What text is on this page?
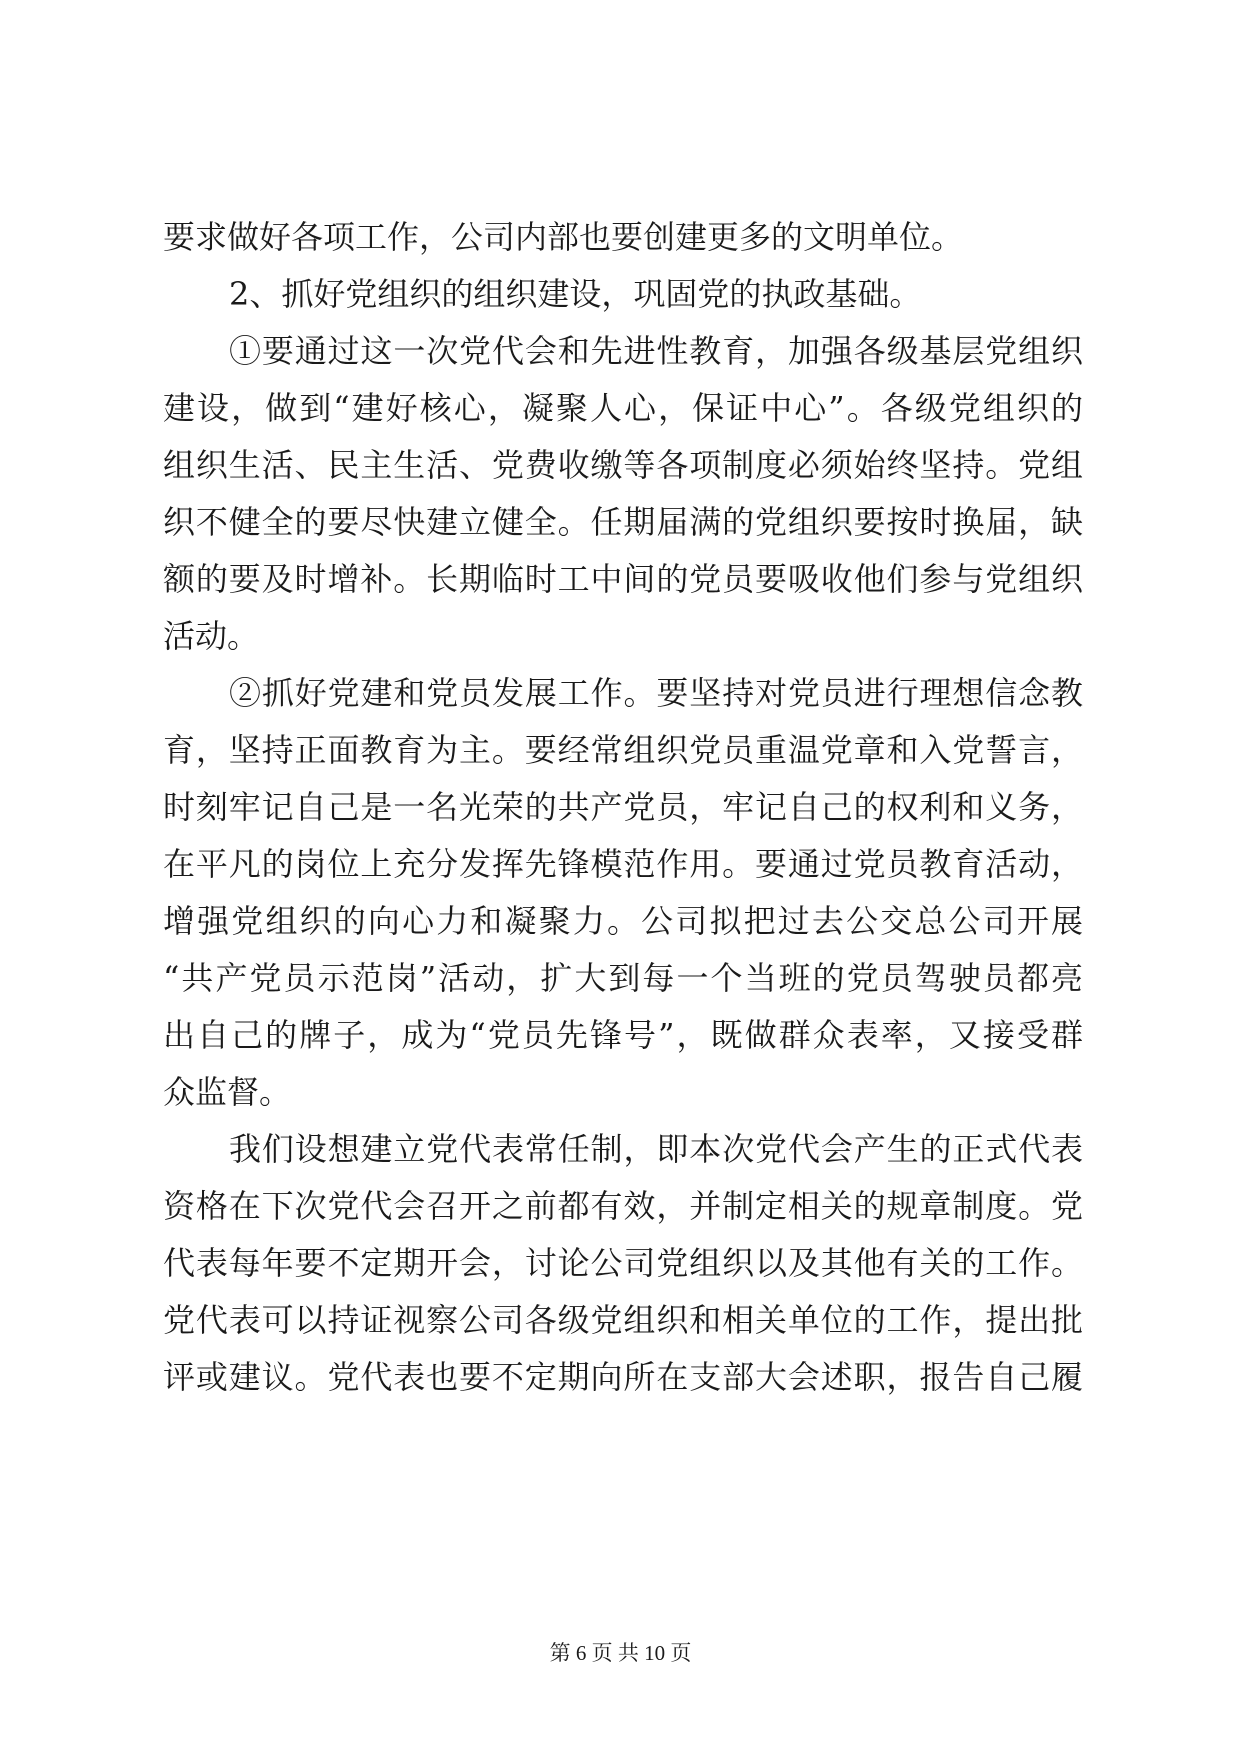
要求做好各项工作，公司内部也要创建更多的文明单位。
2、抓好党组织的组织建设，巩固党的执政基础。
①要通过这一次党代会和先进性教育，加强各级基层党组织
建设，做到“建好核心，凝聚人心，保证中心”。各级党组织的
组织生活、民主生活、党费收缴等各项制度必须始终坚持。党组
织不健全的要尽快建立健全。任期届满的党组织要按时换届，缺
额的要及时增补。长期临时工中间的党员要吸收他们参与党组织
活动。
②抓好党建和党员发展工作。要坚持对党员进行理想信念教
育，坚持正面教育为主。要经常组织党员重温党章和入党誓言，
时刻牢记自己是一名光荣的共产党员，牢记自己的权利和义务，
在平凡的岗位上充分发挥先锋模范作用。要通过党员教育活动，
增强党组织的向心力和凝聚力。公司拟把过去公交总公司开展
“共产党员示范岗”活动，扩大到每一个当班的党员驾驶员都亮
出自己的牌子，成为“党员先锋号”，既做群众表率，又接受群
众监督。
我们设想建立党代表常任制，即本次党代会产生的正式代表
资格在下次党代会召开之前都有效，并制定相关的规章制度。党
代表每年要不定期开会，讨论公司党组织以及其他有关的工作。
党代表可以持证视察公司各级党组织和相关单位的工作，提出批
评或建议。党代表也要不定期向所在支部大会述职，报告自己履
第 6 页 共 10 页
